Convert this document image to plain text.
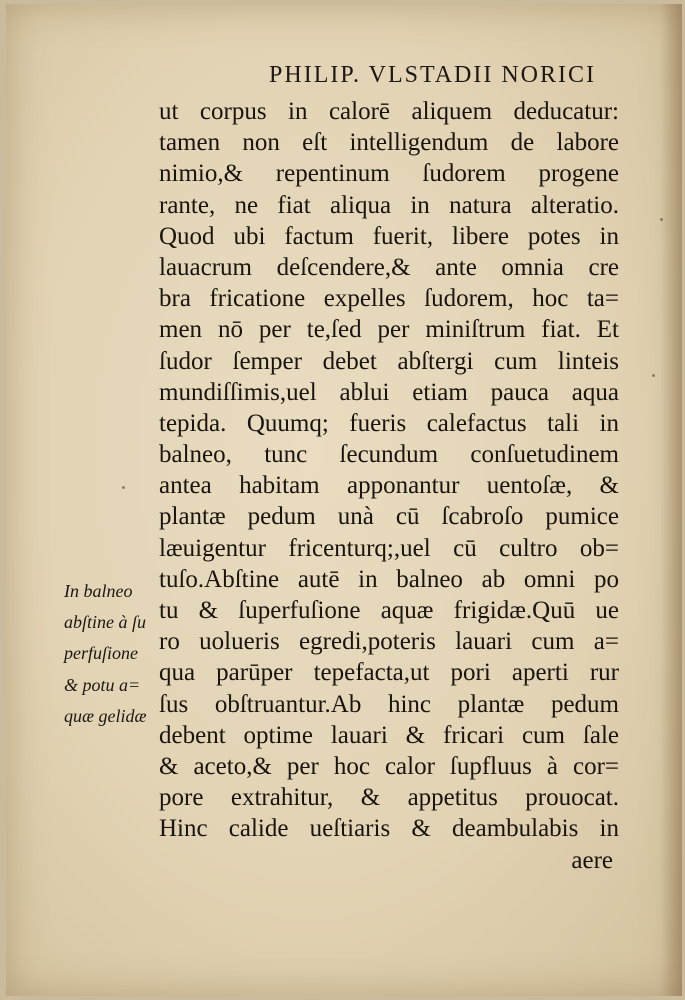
PHILIP. VLSTADII NORICI
ut corpus in calorē aliquem deducatur:
tamen non eſt intelligendum de labore
nimio,& repentinum ſudorem progene
rante, ne fiat aliqua in natura alteratio.
Quod ubi factum fuerit, libere potes in
lauacrum deſcendere,& ante omnia cre
bra fricatione expelles ſudorem, hoc ta=
men nō per te,ſed per miniſtrum fiat. Et
ſudor ſemper debet abſtergi cum linteis
mundiſſimis,uel ablui etiam pauca aqua
tepida. Quumq; fueris calefactus tali in
balneo, tunc ſecundum conſuetudinem
antea habitam apponantur uentoſæ, &
plantæ pedum unà cū ſcabroſo pumice
læuigentur fricenturq;,uel cū cultro ob=
tuſo.Abſtine autē in balneo ab omni po
tu & ſuperfuſione aquæ frigidæ.Quū ue
ro uolueris egredi,poteris lauari cum a=
qua parūper tepefacta,ut pori aperti rur
ſus obſtruantur.Ab hinc plantæ pedum
debent optime lauari & fricari cum ſale
& aceto,& per hoc calor ſupfluus à cor=
pore extrahitur, & appetitus prouocat.
Hinc calide ueſtiaris & deambulabis in
aere
In balneo
abſtine à ſu
perfuſione
& potu a=
quæ gelidæ
